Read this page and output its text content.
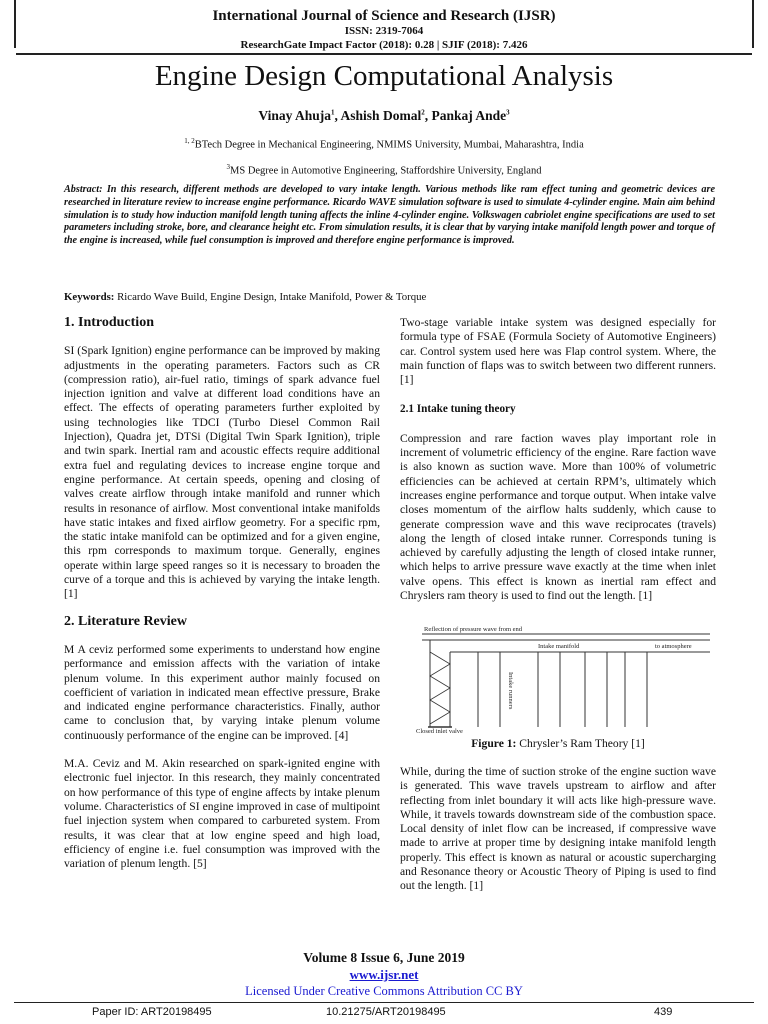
International Journal of Science and Research (IJSR)
ISSN: 2319-7064
ResearchGate Impact Factor (2018): 0.28 | SJIF (2018): 7.426
Engine Design Computational Analysis
Vinay Ahuja$^1$, Ashish Domal$^2$, Pankaj Ande$^3$
$^{1, 2}$BTech Degree in Mechanical Engineering, NMIMS University, Mumbai, Maharashtra, India
$^3$MS Degree in Automotive Engineering, Staffordshire University, England
Abstract: In this research, different methods are developed to vary intake length. Various methods like ram effect tuning and geometric devices are researched in literature review to increase engine performance. Ricardo WAVE simulation software is used to simulate 4-cylinder engine. Main aim behind simulation is to study how induction manifold length tuning affects the inline 4-cylinder engine. Volkswagen cabriolet engine specifications are used to set parameters including stroke, bore, and clearance height etc. From simulation results, it is clear that by varying intake manifold length power and torque of the engine is increased, while fuel consumption is improved and therefore engine performance is improved.
Keywords: Ricardo Wave Build, Engine Design, Intake Manifold, Power & Torque
1. Introduction

SI (Spark Ignition) engine performance can be improved by making adjustments in the operating parameters. Factors such as CR (compression ratio), air-fuel ratio, timings of spark advance fuel injection ignition and valve at different load conditions have an effect. The effects of operating parameters further exploited by using technologies like TDCI (Turbo Diesel Common Rail Injection), Quadra jet, DTSi (Digital Twin Spark Ignition), triple and twin spark. Inertial ram and acoustic effects require additional extra fuel and regulating devices to increase engine torque and engine performance. At certain speeds, opening and closing of valves create airflow through intake manifold and runner which results in resonance of airflow. Most conventional intake manifolds have static intakes and fixed airflow geometry. For a specific rpm, the static intake manifold can be optimized and for a given engine, this rpm corresponds to maximum torque. Generally, engines operate within large speed ranges so it is necessary to broaden the curve of a torque and this is achieved by varying the intake length. [1]

2. Literature Review

M A ceviz performed some experiments to understand how engine performance and emission affects with the variation of intake plenum volume. In this experiment author mainly focused on coefficient of variation in indicated mean effective pressure, Brake and indicated engine performance characteristics. Finally, author came to conclusion that, by varying intake plenum volume continuously performance of the engine can be improved. [4]

M.A. Ceviz and M. Akin researched on spark-ignited engine with electronic fuel injector. In this research, they mainly concentrated on how performance of this type of engine affects by intake plenum volume. Characteristics of SI engine improved in case of multipoint fuel injection system when compared to carbureted system. From results, it was clear that at low engine speed and high load, efficiency of engine i.e. fuel consumption was improved with the variation of plenum length. [5]

Two-stage variable intake system was designed especially for formula type of FSAE (Formula Society of Automotive Engineers) car. Control system used here was Flap control system. Where, the main function of flaps was to switch between two different runners. [1]

2.1 Intake tuning theory

Compression and rare faction waves play important role in increment of volumetric efficiency of the engine. Rare faction wave is also known as suction wave. More than 100% of volumetric efficiencies can be achieved at certain RPM’s, ultimately which increases engine performance and torque output. When intake valve closes momentum of the airflow halts suddenly, which cause to generate compression wave and this wave reciprocates (travels) along the length of closed intake runner. Corresponds tuning is achieved by carefully adjusting the length of closed intake runner, which helps to arrive pressure wave exactly at the time when inlet valve opens. This effect is known as inertial ram effect and Chryslers ram theory is used to find out the length. [1]

Reflection of pressure wave from end
Intake manifold	to atmosphere
Intake runners
Closed inlet valve
Figure 1: Chrysler’s Ram Theory [1]

While, during the time of suction stroke of the engine suction wave is generated. This wave travels upstream to airflow and after reflecting from inlet boundary it will acts like high-pressure wave. While, it travels towards downstream side of the combustion space. Local density of inlet flow can be increased, if compressive wave made to arrive at proper time by designing intake manifold length properly. This effect is known as natural or acoustic supercharging and Resonance theory or Acoustic Theory of Piping is used to find out the length. [1]

Volume 8 Issue 6, June 2019
www.ijsr.net
Licensed Under Creative Commons Attribution CC BY
Paper ID: ART20198495	10.21275/ART20198495	439
